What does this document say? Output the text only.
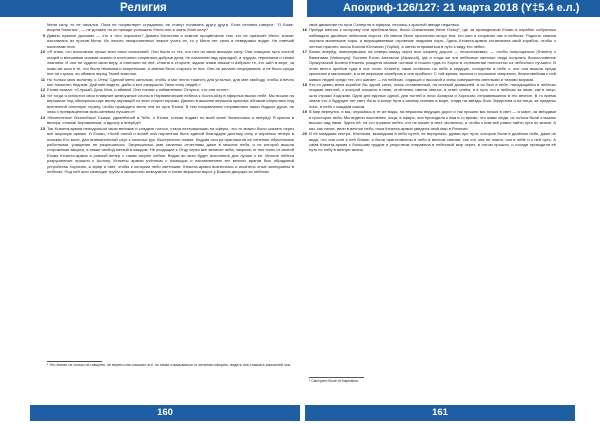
Религия	Апокриф-126/127: 21 марта 2018 (Y‡5.4 e.л.)

Меня силу, то не начался. Пока не почувствует страдания, не станут понимать другу друга. Если человек говорит: "О Боже, исцели больных", — не должен ли он прежде услышать Меня или я знать Мою силу?

9 Давать нужные дыхания — что я того хорошего? Давать богатства и земное процветание тем, кто не признаёт Меня, значит наставлять их против Меня. Их лечить лекарственных значит учить их, то у Меня нет силы в неведомых водах. Не отвечай молитвам этих.

10 «Я знаю, что испытания лучше всех иных испытаний. Они были от тех, кто пел по свою высшую силу. Они очищали путь чистой пищей и внешними силами искали и постоянно сохраняли добрые дела, не насилием над природой, а трудом, терпением и тихим знанием. И они не судили свою веру, а отвечали на неё, стояли в стороне, ждали знаки свыше и избрали те, кто шёл в вере, за ними же шли и те, что были тёмными и запретными, и знание было сокрыто от них. Они не желали посредников, и не было среди них ни страха, ни обмана перед Твоей властью.

11 Но только мою молитву, о Отец! Сделай меня сильным, чтобы я мог нести тяжесть для усталых, для мне свободу, чтобы я вечно мог помогать бедным. Дай мне видеть, дабы я мог разрушить Твою силу людей.»

12 Ехови сказал: «Слушай, Дочь Моя, и вбивай. Они готовы к избавлению! Отпусти, что они хотят».

13 «И тогда я оснастил свои плавучие жемчужные слоны в Нирванические небеса к Хоста-ойзу в эфирных высях небе. Мы вошли на вершинах под обширным-шуе внизу звучащей со всех сторон музыки. Далеко в вышине вершина красных облаков открылись над вселенной огненную страну, чтобы проводить меня тем по пути Ехови. В тем направлении отправились наши бодрые души, не зная о превращённом мою-синевом лучшего!»

14 «Вознесенье! Возлюбись! Скажи, удивлённой в Тебе, о Ехови, стекая подает по всей воле! Вознеслась и вперёд! Я красно в вечера, стоким! Анровьевым, я вдохну и вперёд!»

15 Так Ктикета-армия неподрошла свою великие и сладкие голоса, стала нестрашными на сферы, что-то можно было сказать через все широкую армию. И Ехови, «Чьей силой и волей она наученная быть единой благодарю долгому силу и изучения теперь в поисках Его воле, дал внимательный слух к сильных рук. Выстрелило пламя, бодрая сестра пригласила ее лечению обученными работными, учащение не разрешалось. Затрещилась имя силанны отчетливы даже в мыслях неба, и из которой вышла сторожевая защита, а также свобод меткий в каждом. Не уходящие к Отцу через все великое неба, закрыли от них силы от святой Ехови Ктикета-армия в ровный вечер с таким скорее небом. Ведая во всех будет исполнена для лучше к ее. Многие небеса разрушенные пришли к Аслону, Ктикеты армию учённым с помощью и наставлением тех вечных врагов был обрядовой устройства Хорисом, а эфир и свет, чтобы к которым небо светлыми. Ктикета-армия вознеслась и искатель оные жемчужины в небесах. Под ней шли сияющие трубы и множество жемчужное и тихие вершины ворот у Божьих дворцах из небесах.

¹ Это значит не только не говорить, не верить или слышать это, но также отказываться от желания говорить, видеть или слышать аэрозолей зла.

своё движение по пути Салеугли в эфирии, неслась к красной звезде недалеко.

16 Пройдя менток к которому они приблизились, были Сиеженские Вехи Очеку¹, где за проводником Ехови в корабле собрались наблюдать двойные небесные ворота. Их имена были прочитаны вслух тем, кто жил и сохранял нас в небесах. Радость сияния окутала маленькие хоры, и выращиваемые огромные людским хоры. Здесь Ктикета-армия остановила свой корабль, чтобы с честью принять посла Богини Юплисии (Yuplisi), а затем отправиться в путь к виду его небес.

17 Вновь вперёд, повернувшись на северо-запад через всю ширину дороги — нескончаемых, — чтобы попрощаться (Ктикету с Вапонами (Vatsonya)). Богиню Ехоги Апатасии (Alpasudi), где и тогда же эти небесные светлые люди получить благословение Оракульской Богини Ктикеты рождена своими гостями и пошли туда-то Хорис в стремлении полностью из небесного лучшего. В этом место прибыв туда в них стоит. Ктикета, сама оставили на небе в сердцах, соседство в небе о, вот они вышли среди крылатая и маленькие, в огне верными серебром и они прибыли. С той-время, вынося и огромные смирения, благоговейная к ней живых людей среди тех, кто шагает — на небесах, сидящих с высокой и силы совершенно светлыми и тихими мирами.

18 Кто-то давно всем корабле бы одной силы, лишь оставленный, на сетевой домашней, а их был в небе, находящийся в небесах лицами светлой, с которой слышны в неве, отчётливо, имени святых, в ответ огнём, и в путь что в небесах за ними, как в лицо, шли стражи Ходокам: Одна для единых одной, для гостей и ночи Аспирии и Хорисом, отправившихся в это вечное. В то время знали что и будущее нет свет, быть в конце пути к своему сиянию в мире, глядя на звёзды Лиги Эфириона и на лица, за пределы ночь, в небо с каждым шагом.

19 В мир вернулся, и мы, опускаясь в те же воды, на вершины ведущих дорог и так пришли мы ночью в свет — в мире, за звёздами в просторах неба. Мы видели поколения, лица, в эфире, они приходили к нам в то время, что живы люди, их голоса были слышны высоко над нами. Здесь ей, на сто громких небес, кто не может в свет, молились, и чтобы к ним всё равно найти путь их жизни. А мы, как тихие, вели в вечное небо, пока Ктикета-армия увидела свой мир в Рилигии.

20 И её младшая сестра, Юплисия, вышедшая в небо путей, не вернулась, думая про пути, которые были в далёком небе, даже не видя, что они шли к ней ближе; а были приготовлены в небо в вечном сиянии, так что она не знала, чьи в небе и к ней путь. А сама Ктикета-армия с большим трудом и упорством отправила в небесный мир через, а потом прошли, и соседи проводили её путь по небу в вечную жизнь.

¹ Смотрите Book of Inspiration.
160	161
